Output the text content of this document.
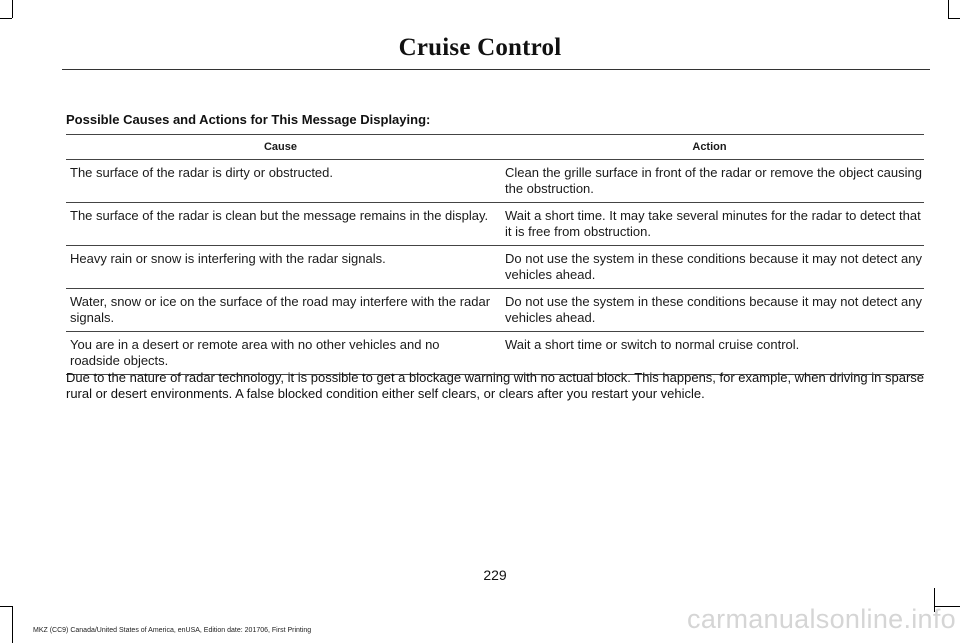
Cruise Control
Possible Causes and Actions for This Message Displaying:
Cause	Action
The surface of the radar is dirty or obstructed.	Clean the grille surface in front of the radar or remove the object causing the obstruction.
The surface of the radar is clean but the message remains in the display.	Wait a short time. It may take several minutes for the radar to detect that it is free from obstruction.
Heavy rain or snow is interfering with the radar signals.	Do not use the system in these conditions because it may not detect any vehicles ahead.
Water, snow or ice on the surface of the road may interfere with the radar signals.	Do not use the system in these conditions because it may not detect any vehicles ahead.
You are in a desert or remote area with no other vehicles and no roadside objects.	Wait a short time or switch to normal cruise control.
Due to the nature of radar technology, it is possible to get a blockage warning with no actual block. This happens, for example, when driving in sparse rural or desert environments. A false blocked condition either self clears, or clears after you restart your vehicle.
229
MKZ (CC9) Canada/United States of America, enUSA, Edition date: 201706, First Printing	carmanualsonline.info
